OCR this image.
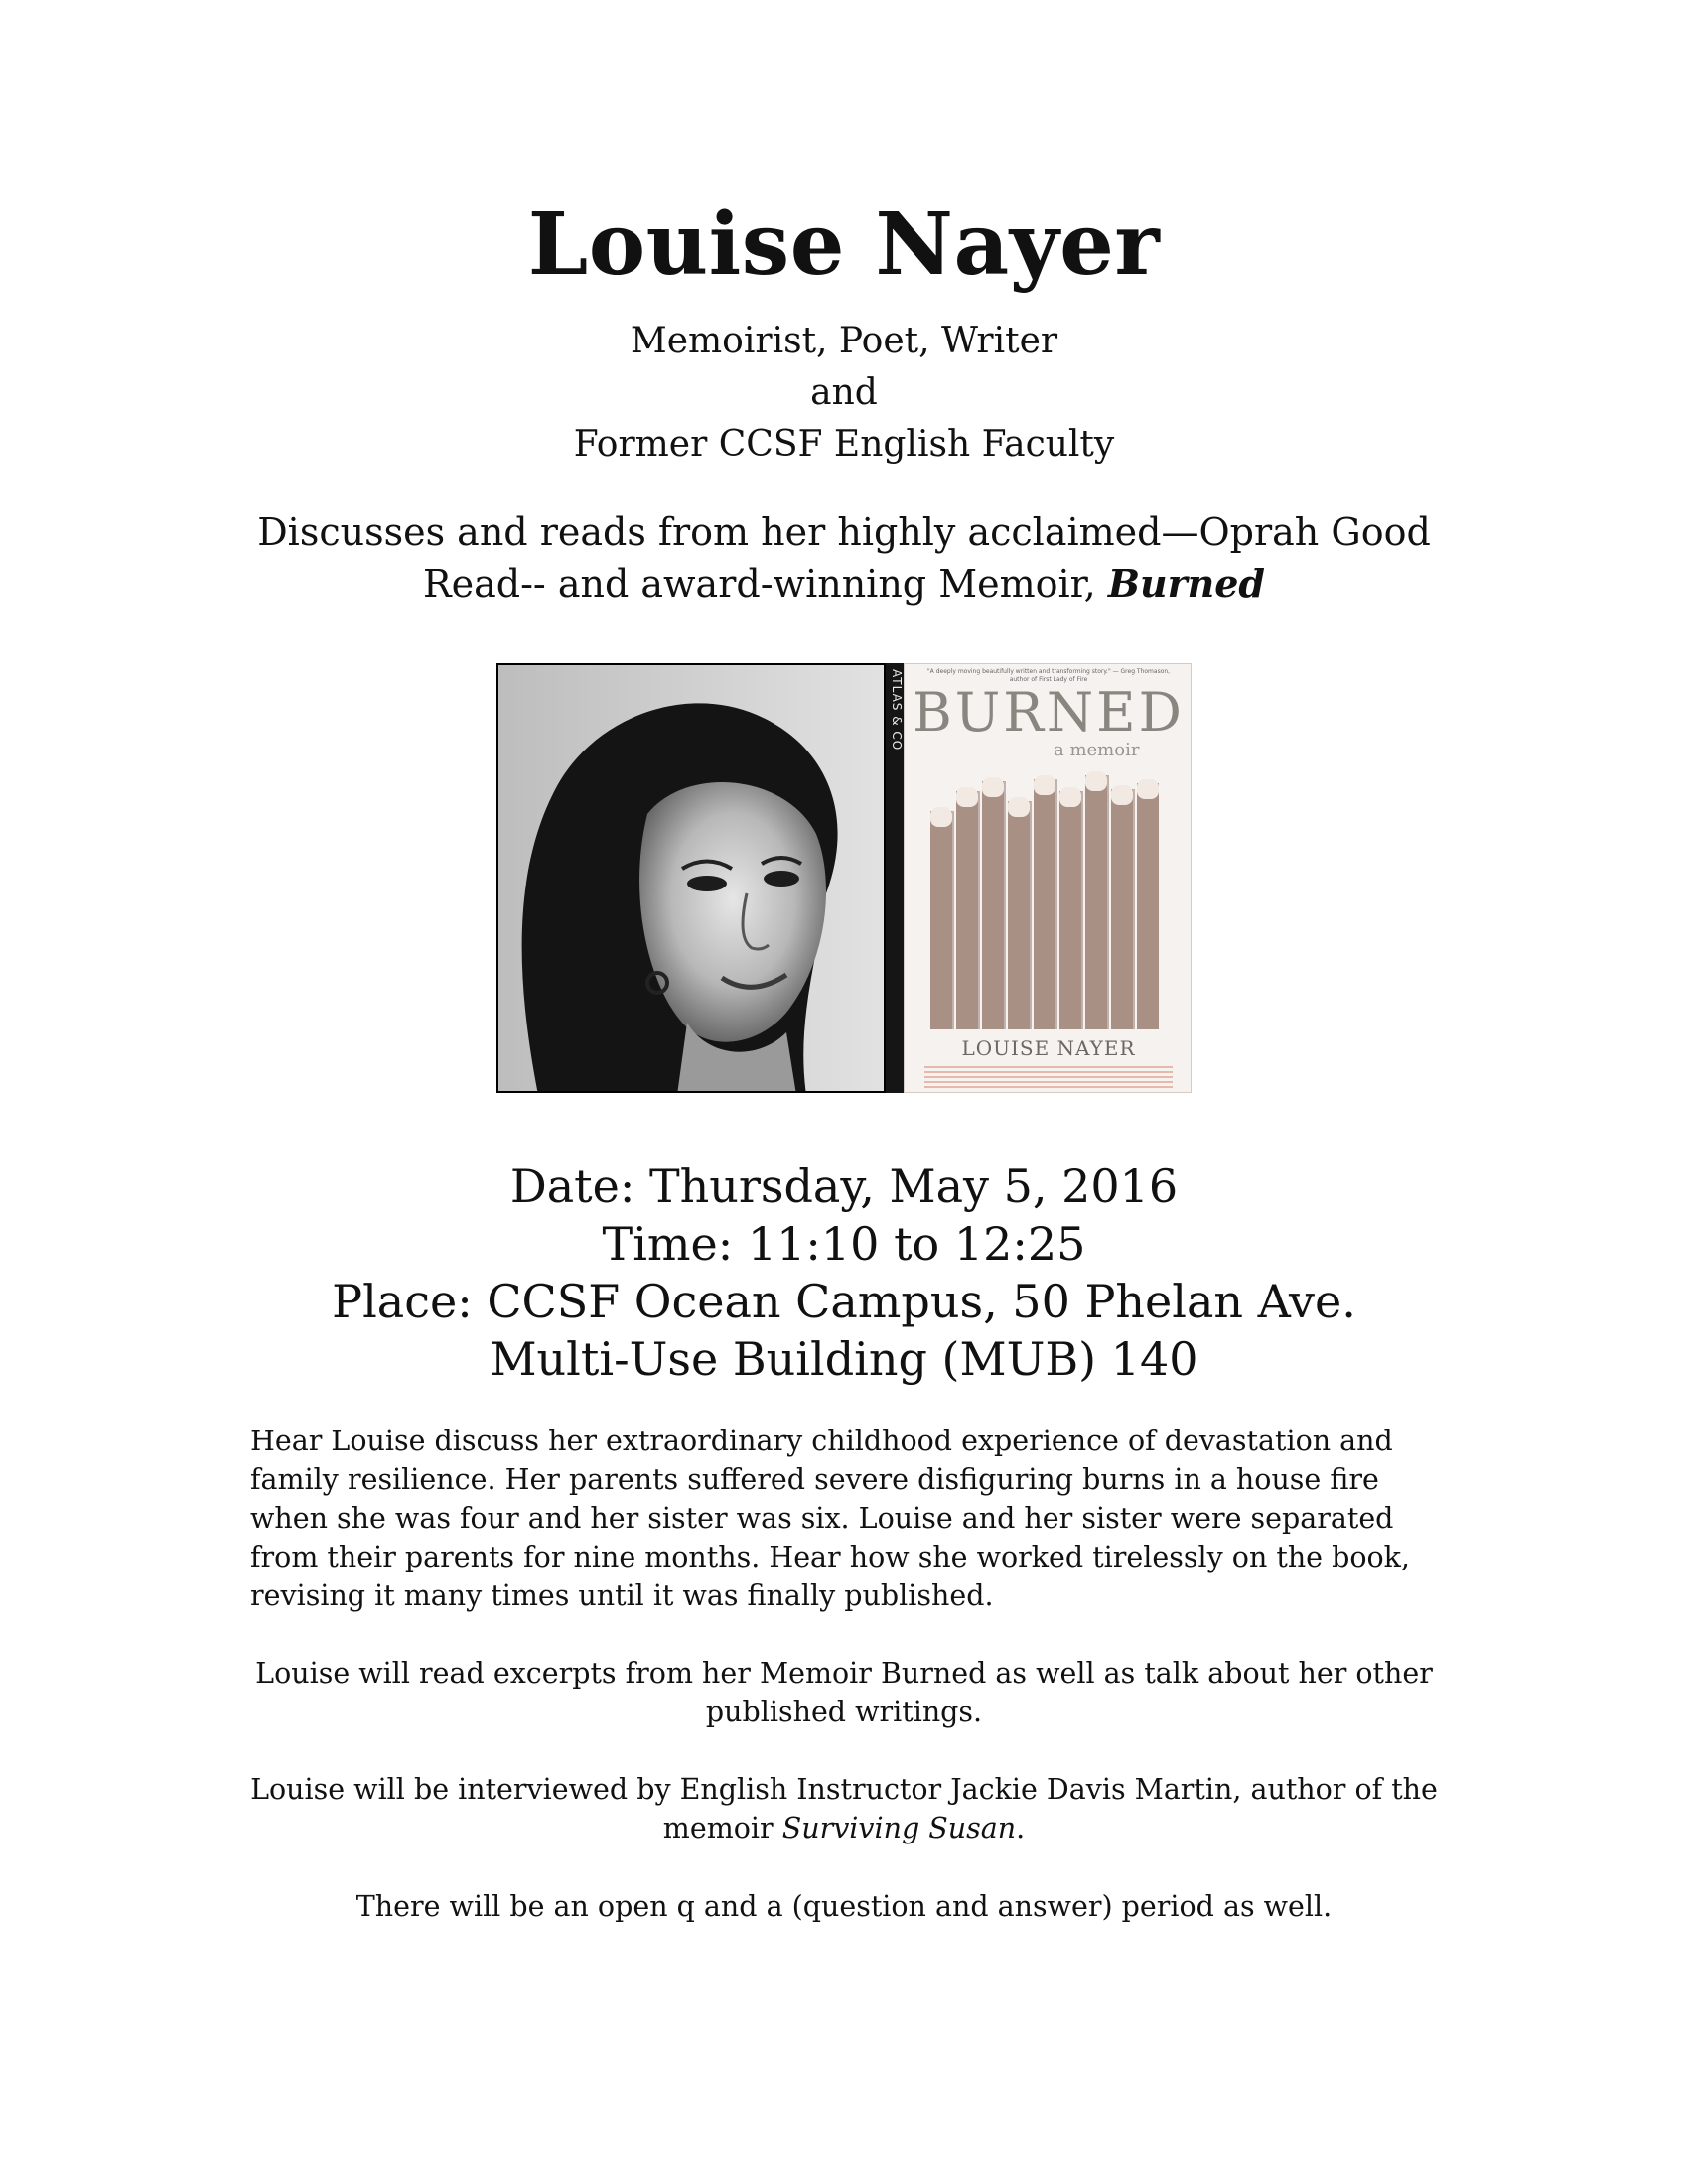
Louise Nayer
Memoirist, Poet, Writer
and
Former CCSF English Faculty
Discusses and reads from her highly acclaimed—Oprah Good Read-- and award-winning Memoir, Burned
ATLAS & CO	"A deeply moving beautifully written and transforming story." — Greg Thomason, author of First Lady of Fire
BURNED
a memoir
LOUISE NAYER
Date: Thursday, May 5, 2016
Time: 11:10 to 12:25
Place: CCSF Ocean Campus, 50 Phelan Ave.
Multi-Use Building (MUB) 140
Hear Louise discuss her extraordinary childhood experience of devastation and family resilience. Her parents suffered severe disfiguring burns in a house fire when she was four and her sister was six. Louise and her sister were separated from their parents for nine months. Hear how she worked tirelessly on the book, revising it many times until it was finally published.
Louise will read excerpts from her Memoir Burned as well as talk about her other published writings.
Louise will be interviewed by English Instructor Jackie Davis Martin, author of the memoir Surviving Susan.
There will be an open q and a (question and answer) period as well.
